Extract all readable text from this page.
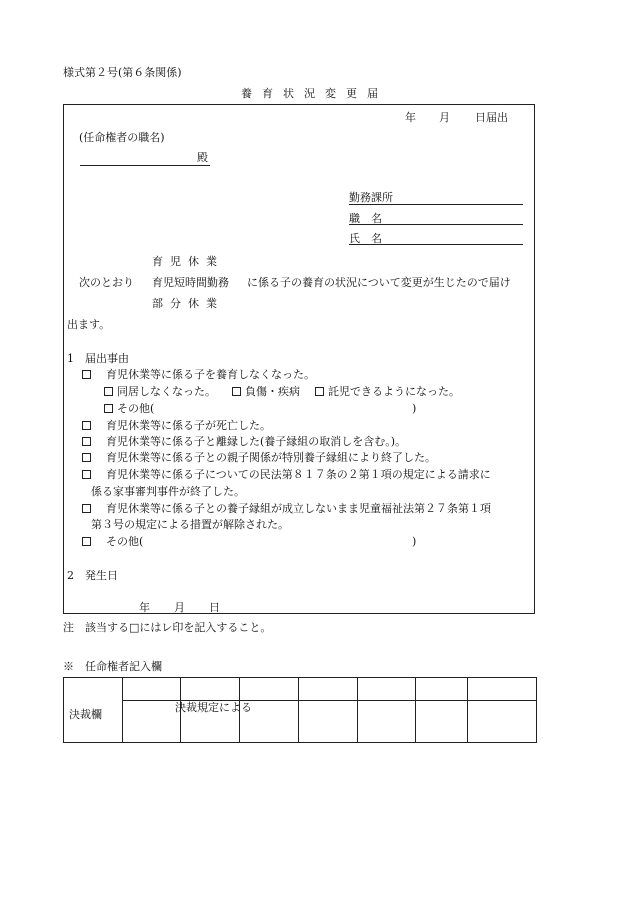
様式第２号(第６条関係)
養育状況変更届
年 月 日届出
(任命権者の職名)
殿
勤務課所
職　名
氏　名
育児休業
次のとおり 育児短時間勤務 に係る子の養育の状況について変更が生じたので届け
部分休業
出ます。
1　届出事由
　育児休業等に係る子を養育しなくなった。
同居しなくなった。	負傷・疾病	託児できるようになった。
その他(	)
　育児休業等に係る子が死亡した。
　育児休業等に係る子と離縁した(養子縁組の取消しを含む。)。
　育児休業等に係る子との親子関係が特別養子縁組により終了した。
　育児休業等に係る子についての民法第８１７条の２第１項の規定による請求に
係る家事審判事件が終了した。
　育児休業等に係る子との養子縁組が成立しないまま児童福祉法第２７条第１項
第３号の規定による措置が解除された。
　その他(	)
2　発生日
年 月 日
注　該当する□にはレ印を記入すること。
※　任命権者記入欄

決裁欄
決裁規定による
